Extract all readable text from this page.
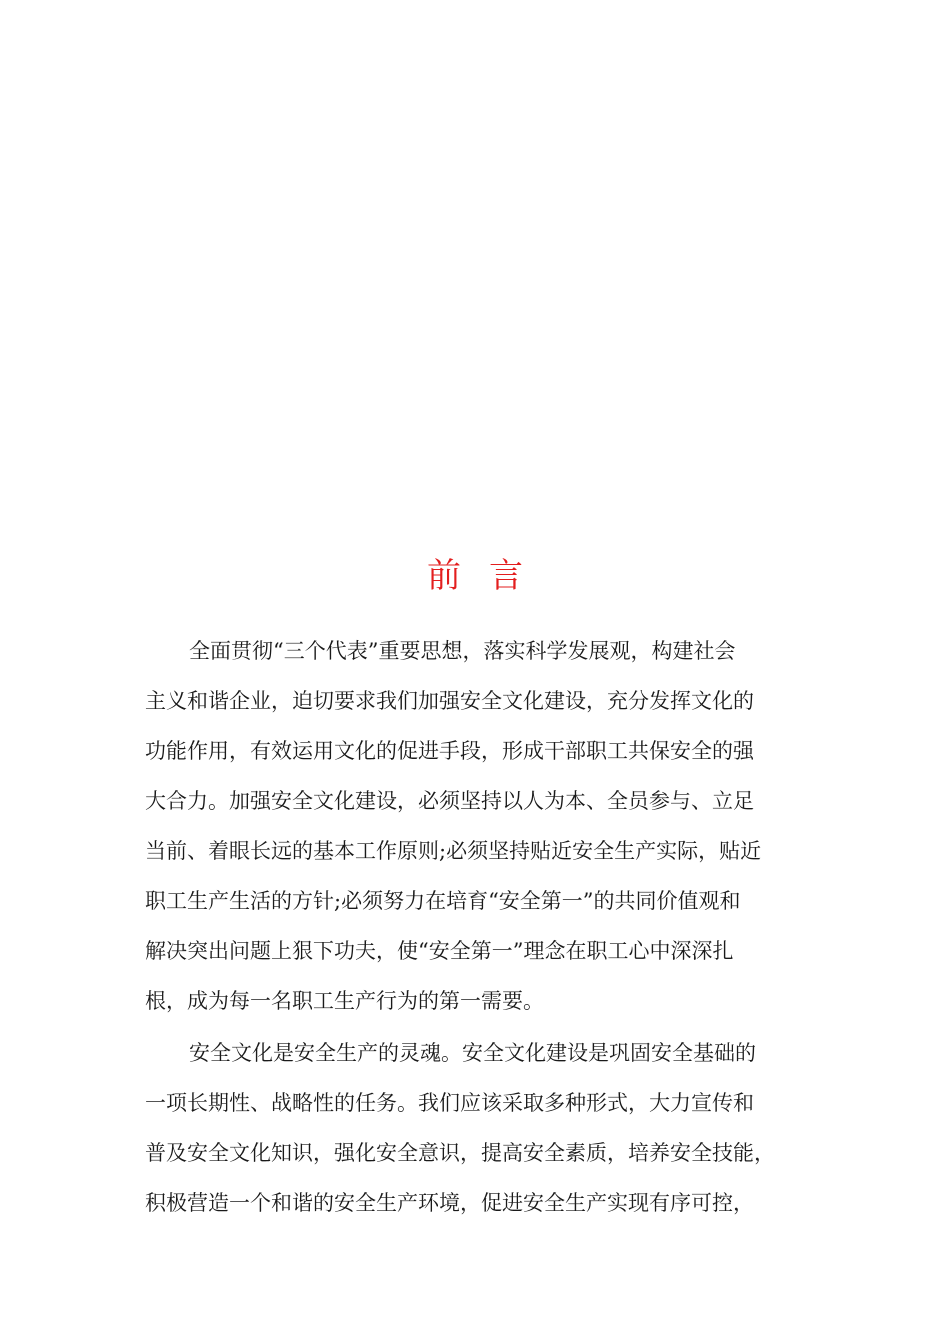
前言
全面贯彻“三个代表”重要思想，落实科学发展观，构建社会
主义和谐企业，迫切要求我们加强安全文化建设，充分发挥文化的
功能作用，有效运用文化的促进手段，形成干部职工共保安全的强
大合力。加强安全文化建设，必须坚持以人为本、全员参与、立足
当前、着眼长远的基本工作原则;必须坚持贴近安全生产实际，贴近
职工生产生活的方针;必须努力在培育“安全第一”的共同价值观和
解决突出问题上狠下功夫，使“安全第一”理念在职工心中深深扎
根，成为每一名职工生产行为的第一需要。
安全文化是安全生产的灵魂。安全文化建设是巩固安全基础的
一项长期性、战略性的任务。我们应该采取多种形式，大力宣传和
普及安全文化知识，强化安全意识，提高安全素质，培养安全技能，
积极营造一个和谐的安全生产环境，促进安全生产实现有序可控，
